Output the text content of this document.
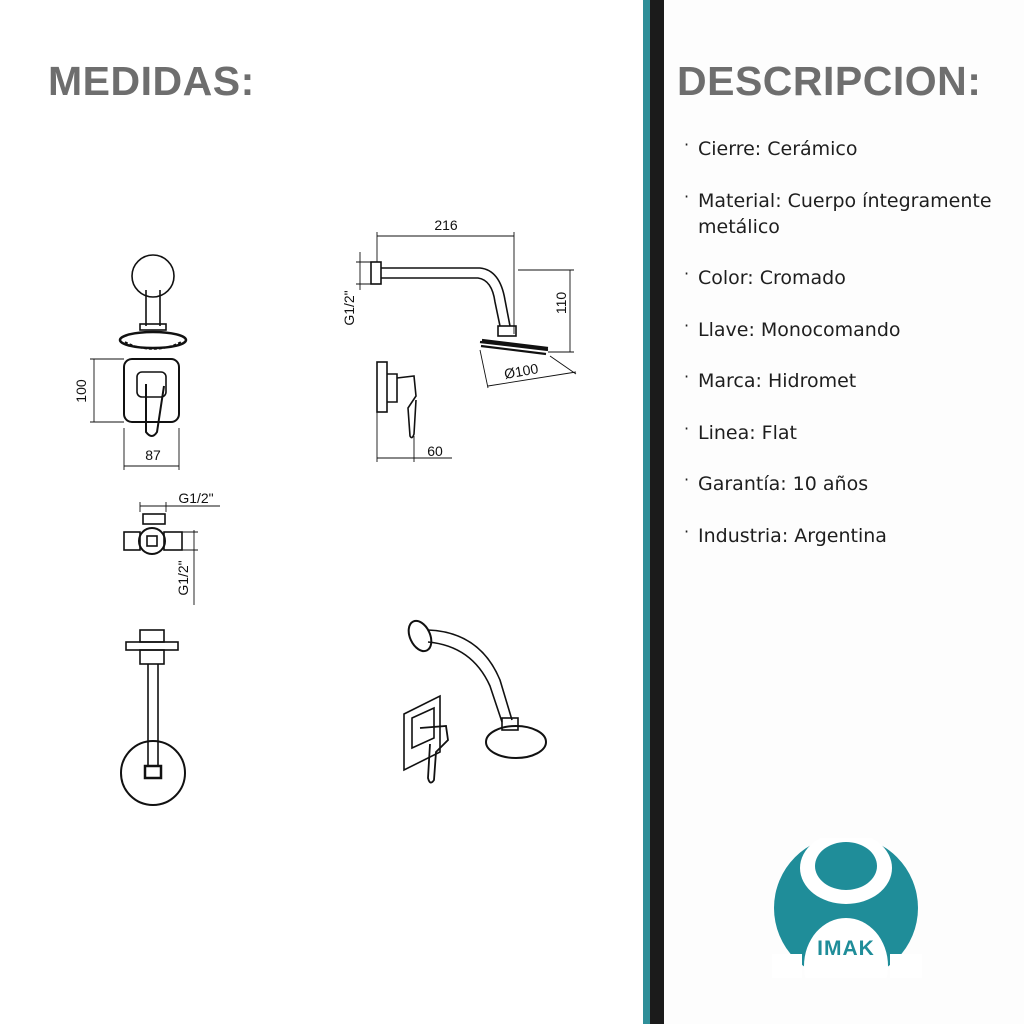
MEDIDAS:	DESCRIPCION:
· Cierre: Cerámico
· Material: Cuerpo íntegramente metálico
· Color: Cromado
· Llave: Monocomando
· Marca: Hidromet
· Linea: Flat
· Garantía: 10 años
· Industria: Argentina
100
87
216
110
Ø100
G1/2"
60
G1/2"
G1/2"
IMAK
